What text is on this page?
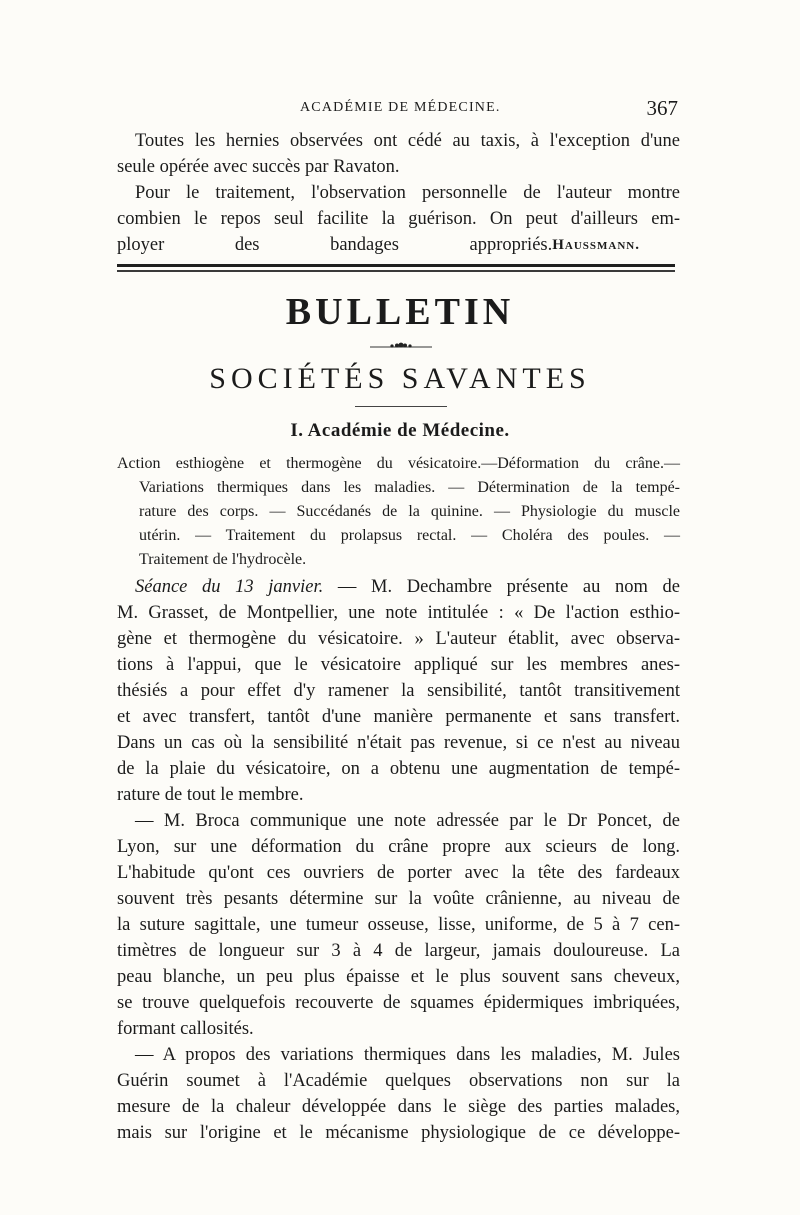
ACADÉMIE DE MÉDECINE.	367
Toutes les hernies observées ont cédé au taxis, à l'exception d'une
seule opérée avec succès par Ravaton.
Pour le traitement, l'observation personnelle de l'auteur montre
combien le repos seul facilite la guérison. On peut d'ailleurs em-
ployer des bandages appropriés. Haussmann.
BULLETIN
SOCIÉTÉS SAVANTES
I. Académie de Médecine.
Action esthiogène et thermogène du vésicatoire.—Déformation du crâne.—
Variations thermiques dans les maladies. — Détermination de la tempé-
rature des corps. — Succédanés de la quinine. — Physiologie du muscle
utérin. — Traitement du prolapsus rectal. — Choléra des poules. —
Traitement de l'hydrocèle.
Séance du 13 janvier. — M. Dechambre présente au nom de
M. Grasset, de Montpellier, une note intitulée : « De l'action esthio-
gène et thermogène du vésicatoire. » L'auteur établit, avec observa-
tions à l'appui, que le vésicatoire appliqué sur les membres anes-
thésiés a pour effet d'y ramener la sensibilité, tantôt transitivement
et avec transfert, tantôt d'une manière permanente et sans transfert.
Dans un cas où la sensibilité n'était pas revenue, si ce n'est au niveau
de la plaie du vésicatoire, on a obtenu une augmentation de tempé-
rature de tout le membre.
— M. Broca communique une note adressée par le Dr Poncet, de
Lyon, sur une déformation du crâne propre aux scieurs de long.
L'habitude qu'ont ces ouvriers de porter avec la tête des fardeaux
souvent très pesants détermine sur la voûte crânienne, au niveau de
la suture sagittale, une tumeur osseuse, lisse, uniforme, de 5 à 7 cen-
timètres de longueur sur 3 à 4 de largeur, jamais douloureuse. La
peau blanche, un peu plus épaisse et le plus souvent sans cheveux,
se trouve quelquefois recouverte de squames épidermiques imbriquées,
formant callosités.
— A propos des variations thermiques dans les maladies, M. Jules
Guérin soumet à l'Académie quelques observations non sur la
mesure de la chaleur développée dans le siège des parties malades,
mais sur l'origine et le mécanisme physiologique de ce développe-
